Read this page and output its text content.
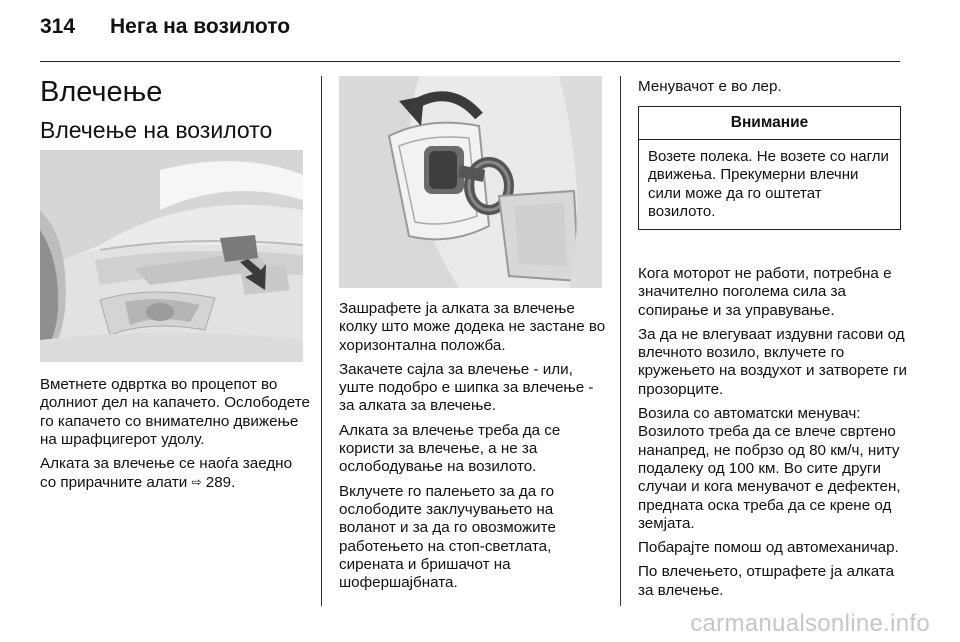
314 Нега на возилото
Влечење
Влечење на возилото

Вметнете одвртка во процепот во долниот дел на капачето. Ослободете го капачето со внимателно движење на шрафцигерот удолу.

Алката за влечење се наоѓа заедно со прирачните алати ⇨ 289.

Зашрафете ја алката за влечење колку што може додека не застане во хоризонтална положба.

Закачете сајла за влечење - или, уште подобро е шипка за влечење - за алката за влечење.

Алката за влечење треба да се користи за влечење, а не за ослободување на возилото.

Вклучете го палењето за да го ослободите заклучувањето на воланот и за да го овозможите работењето на стоп-светлата, сирената и бришачот на шофершајбната.

Менувачот е во лер.

Внимание
Возете полека. Не возете со нагли движења. Прекумерни влечни сили може да го оштетат возилото.

Кога моторот не работи, потребна е значително поголема сила за сопирање и за управување.

За да не влегуваат издувни гасови од влечното возило, вклучете го кружењето на воздухот и затворете ги прозорците.

Возила со автоматски менувач: Возилото треба да се влече свртено нанапред, не побрзо од 80 км/ч, ниту подалеку од 100 км. Во сите други случаи и кога менувачот е дефектен, предната оска треба да се крене од земјата.

Побарајте помош од автомеханичар.

По влечењето, отшрафете ја алката за влечење.

carmanualsonline.info
